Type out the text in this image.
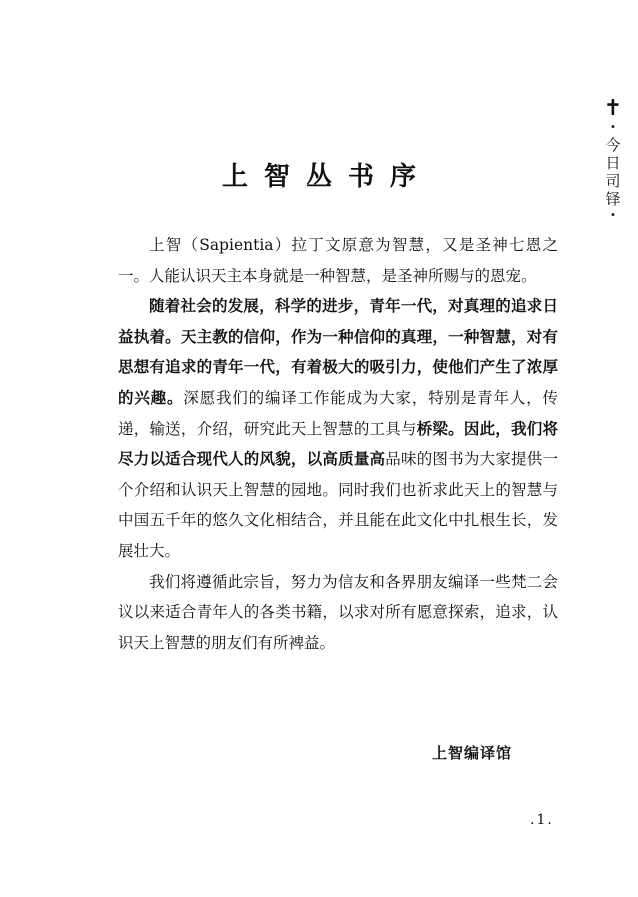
✝
•
今
日
司
铎
•
上智丛书序

上智（Sapientia）拉丁文原意为智慧，又是圣神七恩之一。人能认识天主本身就是一种智慧，是圣神所赐与的恩宠。

随着社会的发展，科学的进步，青年一代，对真理的追求日益执着。天主教的信仰，作为一种信仰的真理，一种智慧，对有思想有追求的青年一代，有着极大的吸引力，使他们产生了浓厚的兴趣。深愿我们的编译工作能成为大家，特别是青年人，传递，输送，介绍，研究此天上智慧的工具与桥梁。因此，我们将尽力以适合现代人的风貌，以高质量高品味的图书为大家提供一个介绍和认识天上智慧的园地。同时我们也祈求此天上的智慧与中国五千年的悠久文化相结合，并且能在此文化中扎根生长，发展壮大。

我们将遵循此宗旨，努力为信友和各界朋友编译一些梵二会议以来适合青年人的各类书籍，以求对所有愿意探索，追求，认识天上智慧的朋友们有所裨益。

上智编译馆
.1.
